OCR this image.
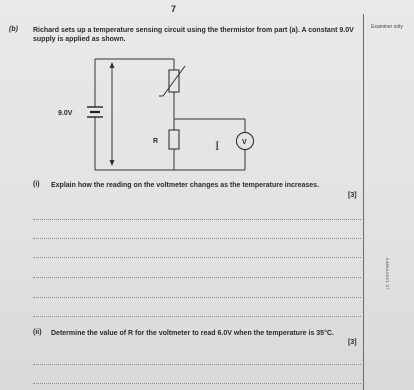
7
Examiner only
(b) Richard sets up a temperature sensing circuit using the thermistor from part (a). A constant 9.0V supply is applied as shown.
9.0V
R	I	V
(i) Explain how the reading on the voltmeter changes as the temperature increases.
[3]
0489A0091 37
(ii) Determine the value of R for the voltmeter to read 6.0V when the temperature is 35°C.
[3]
